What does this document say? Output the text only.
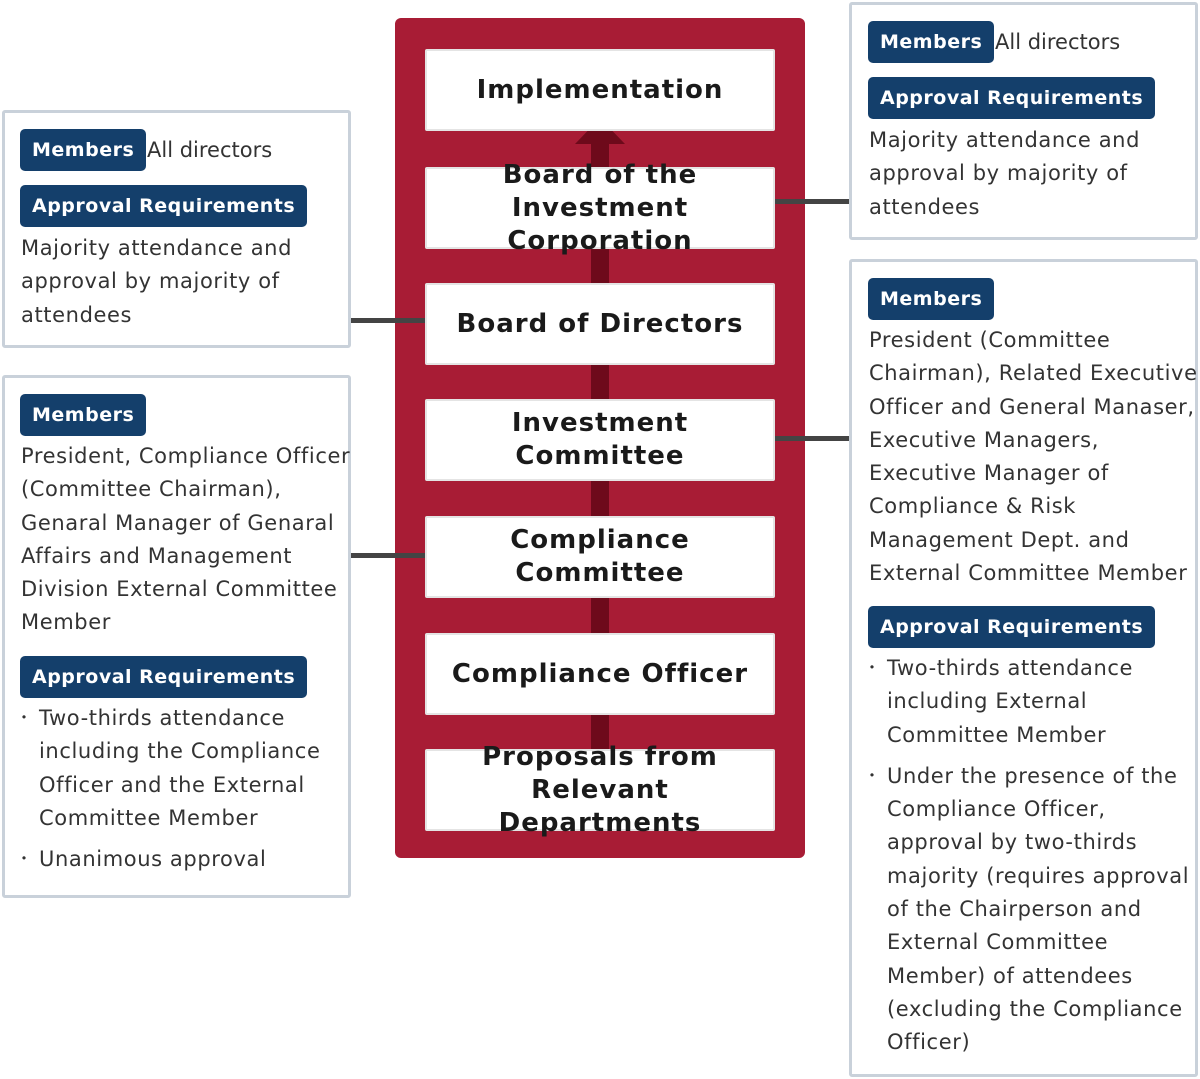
Implementation
Board of the
Investment Corporation
Board of Directors
Investment Committee
Compliance Committee
Compliance Officer
Proposals from
Relevant Departments
Members All directors
Approval Requirements
Majority attendance and
approval by majority of
attendees
Members All directors
Approval Requirements
Majority attendance and
approval by majority of
attendees
Members
President, Compliance Officer
(Committee Chairman),
Genaral Manager of Genaral
Affairs and Management
Division External Committee
Member
Approval Requirements
・ Two-thirds attendance
including the Compliance
Officer and the External
Committee Member
・ Unanimous approval
Members
President (Committee
Chairman), Related Executive
Officer and General Manaser,
Executive Managers,
Executive Manager of
Compliance & Risk
Management Dept. and
External Committee Member
Approval Requirements
・ Two-thirds attendance
including External
Committee Member
・ Under the presence of the
Compliance Officer,
approval by two-thirds
majority (requires approval
of the Chairperson and
External Committee
Member) of attendees
(excluding the Compliance
Officer)
